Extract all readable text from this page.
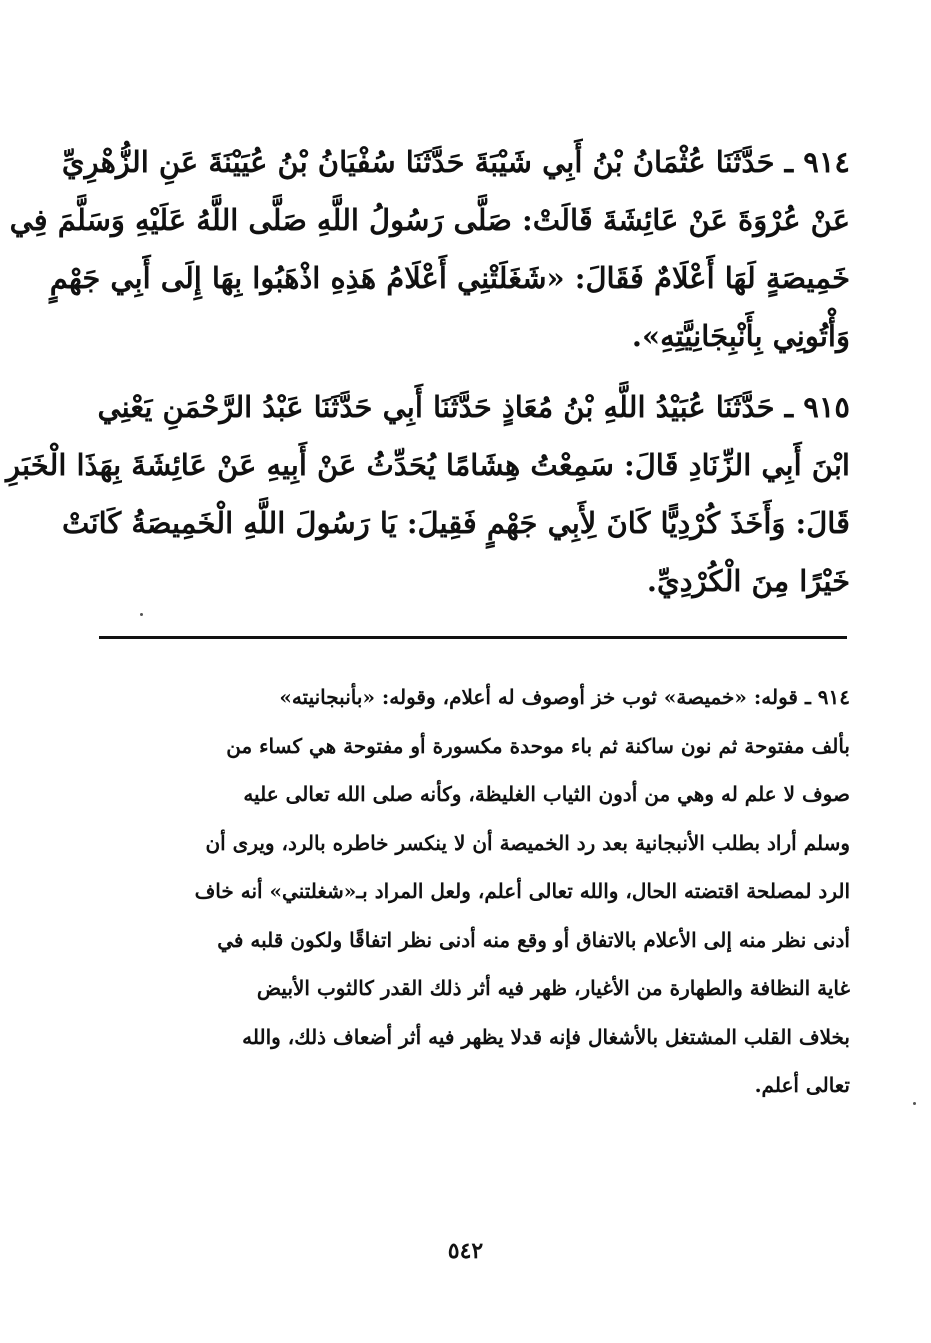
٩١٤ ـ حَدَّثَنَا عُثْمَانُ بْنُ أَبِي شَيْبَةَ حَدَّثَنَا سُفْيَانُ بْنُ عُيَيْنَةَ عَنِ الزُّهْرِيِّ
عَنْ عُرْوَةَ عَنْ عَائِشَةَ قَالَتْ: صَلَّى رَسُولُ اللَّهِ صَلَّى اللَّهُ عَلَيْهِ وَسَلَّمَ فِي
خَمِيصَةٍ لَهَا أَعْلَامٌ فَقَالَ: «شَغَلَتْنِي أَعْلَامُ هَذِهِ اذْهَبُوا بِهَا إِلَى أَبِي جَهْمٍ
وَأْتُونِي بِأَنْبِجَانِيَّتِهِ».
٩١٥ ـ حَدَّثَنَا عُبَيْدُ اللَّهِ بْنُ مُعَاذٍ حَدَّثَنَا أَبِي حَدَّثَنَا عَبْدُ الرَّحْمَنِ يَعْنِي
ابْنَ أَبِي الزِّنَادِ قَالَ: سَمِعْتُ هِشَامًا يُحَدِّثُ عَنْ أَبِيهِ عَنْ عَائِشَةَ بِهَذَا الْخَبَرِ
قَالَ: وَأَخَذَ كُرْدِيًّا كَانَ لِأَبِي جَهْمٍ فَقِيلَ: يَا رَسُولَ اللَّهِ الْخَمِيصَةُ كَانَتْ
خَيْرًا مِنَ الْكُرْدِيِّ.
٩١٤ ـ قوله: «خميصة» ثوب خز أوصوف له أعلام، وقوله: «بأنبجانيته»
بألف مفتوحة ثم نون ساكنة ثم باء موحدة مكسورة أو مفتوحة هي كساء من
صوف لا علم له وهي من أدون الثياب الغليظة، وكأنه صلى الله تعالى عليه
وسلم أراد بطلب الأنبجانية بعد رد الخميصة أن لا ينكسر خاطره بالرد، ويرى أن
الرد لمصلحة اقتضته الحال، والله تعالى أعلم، ولعل المراد بـ«شغلتني» أنه خاف
أدنى نظر منه إلى الأعلام بالاتفاق أو وقع منه أدنى نظر اتفاقًا ولكون قلبه في
غاية النظافة والطهارة من الأغيار، ظهر فيه أثر ذلك القدر كالثوب الأبيض
بخلاف القلب المشتغل بالأشغال فإنه قدلا يظهر فيه أثر أضعاف ذلك، والله
تعالى أعلم.
٥٤٢
